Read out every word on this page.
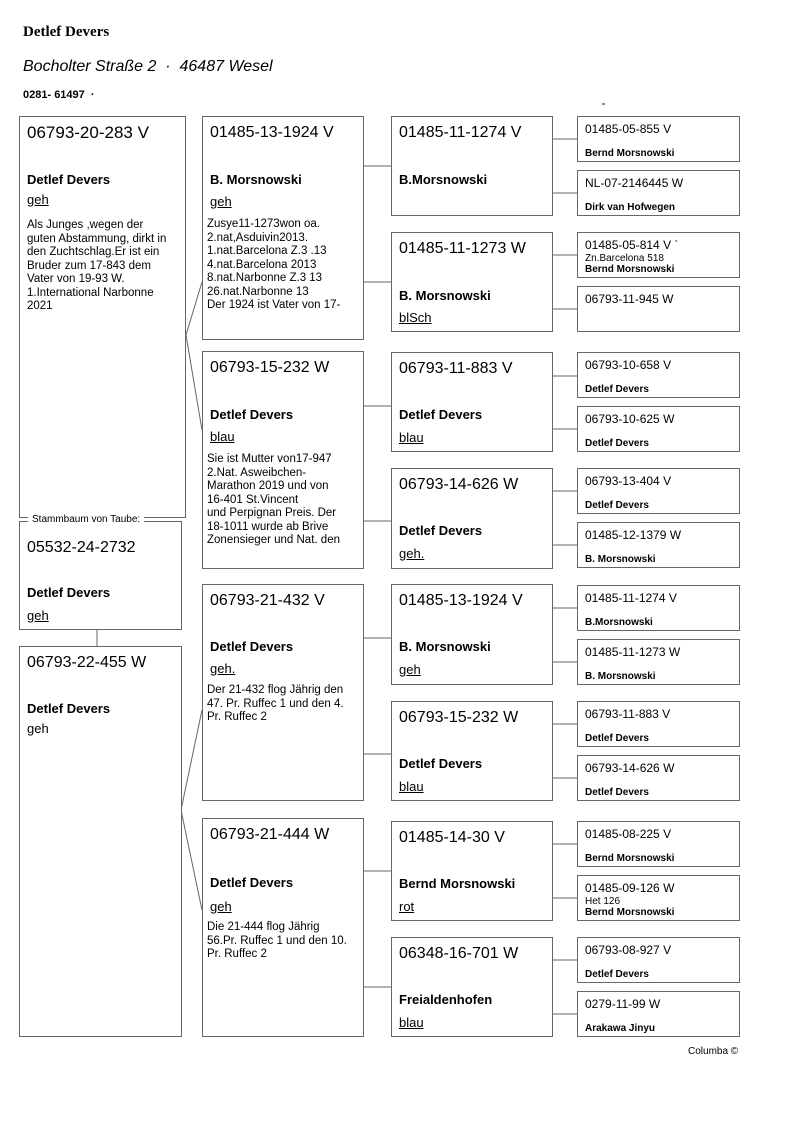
Detlef Devers
Bocholter Straße 2  ·  46487 Wesel
0281- 61497  ·
06793-20-283 V
Detlef Devers
geh
Als Junges ,wegen der
guten Abstammung, dirkt in
den Zuchtschlag.Er ist ein
Bruder zum 17-843 dem
Vater von 19-93 W.
1.International Narbonne
2021
Stammbaum von Taube:
05532-24-2732
Detlef Devers
geh
06793-22-455 W
Detlef Devers
geh
01485-13-1924 V
B. Morsnowski
geh
Zusye11-1273won oa.
2.nat,Asduivin2013.
1.nat.Barcelona Z.3 .13
4.nat.Barcelona 2013
8.nat.Narbonne Z.3 13
26.nat.Narbonne 13
Der 1924 ist Vater von 17-
06793-15-232 W
Detlef Devers
blau
Sie ist Mutter von17-947
2.Nat. Asweibchen-
Marathon 2019 und von
16-401 St.Vincent
und Perpignan Preis. Der
18-1011 wurde ab Brive
Zonensieger und Nat. den
06793-21-432 V
Detlef Devers
geh.
Der 21-432 flog Jährig den
47. Pr. Ruffec 1 und den 4.
Pr. Ruffec 2
06793-21-444 W
Detlef Devers
geh
Die 21-444 flog Jährig
56.Pr. Ruffec 1 und den 10.
Pr. Ruffec 2
01485-11-1274 V
B.Morsnowski
01485-11-1273 W
B. Morsnowski
blSch
06793-11-883 V
Detlef Devers
blau
06793-14-626 W
Detlef Devers
geh.
01485-13-1924 V
B. Morsnowski
geh
06793-15-232 W
Detlef Devers
blau
01485-14-30 V
Bernd Morsnowski
rot
06348-16-701 W
Freialdenhofen
blau
01485-05-855 V
Bernd Morsnowski
NL-07-2146445 W
Dirk van Hofwegen
01485-05-814 V `
Zn.Barcelona 518
Bernd Morsnowski
06793-11-945 W
06793-10-658 V
Detlef Devers
06793-10-625 W
Detlef Devers
06793-13-404 V
Detlef Devers
01485-12-1379 W
B. Morsnowski
01485-11-1274 V
B.Morsnowski
01485-11-1273 W
B. Morsnowski
06793-11-883 V
Detlef Devers
06793-14-626 W
Detlef Devers
01485-08-225 V
Bernd Morsnowski
01485-09-126 W
Het 126
Bernd Morsnowski
06793-08-927 V
Detlef Devers
0279-11-99 W
Arakawa Jinyu
Columba ©
